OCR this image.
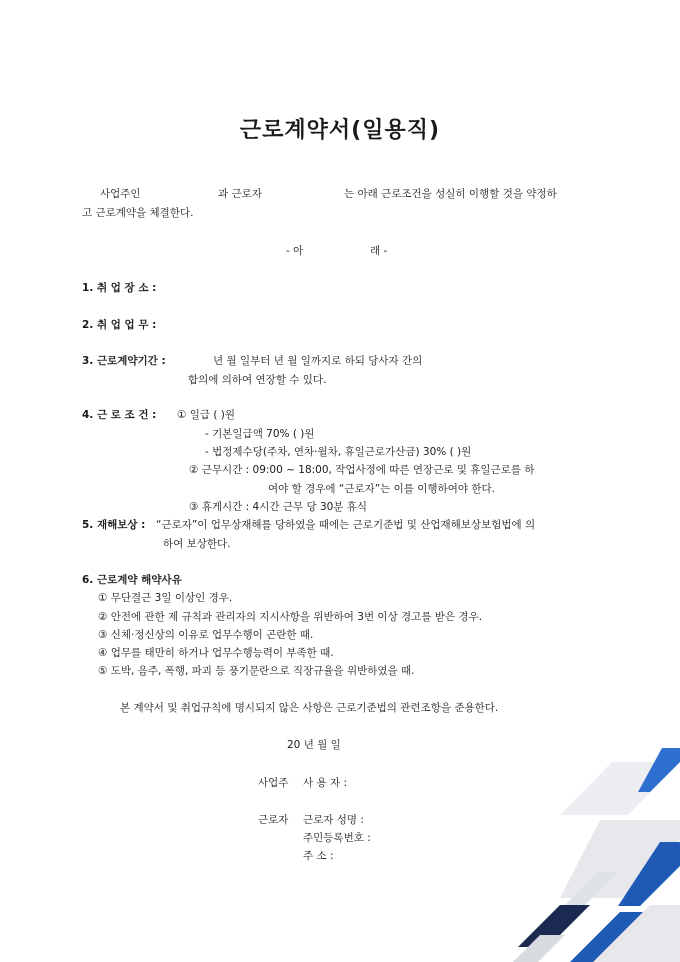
근로계약서(일용직)
사업주인	과 근로자	는 아래 근로조건을 성실히 이행할 것을 약정하
고 근로계약을 체결한다.
- 아	래 -
1. 취 업 장 소 :
2. 취 업 업 무 :
3. 근로계약기간 :	년 월 일부터 년 월 일까지로 하되 당사자 간의
합의에 의하여 연장할 수 있다.
4. 근 로 조 건 : ① 일급 ( )원
- 기본일급액 70% ( )원
- 법정제수당(주차, 연차·월차, 휴일근로가산금) 30% ( )원
② 근무시간 : 09:00 ~ 18:00, 작업사정에 따른 연장근로 및 휴일근로를 하
여야 할 경우에 “근로자”는 이를 이행하여야 한다.
③ 휴게시간 : 4시간 근무 당 30분 휴식
5. 재해보상 : “근로자”이 업무상재해를 당하였을 때에는 근로기준법 및 산업재해보상보험법에 의
하여 보상한다.
6. 근로계약 해약사유
① 무단결근 3일 이상인 경우.
② 안전에 관한 제 규칙과 관리자의 지시사항을 위반하여 3번 이상 경고를 받은 경우.
③ 신체·정신상의 이유로 업무수행이 곤란한 때.
④ 업무를 태만히 하거나 업무수행능력이 부족한 때.
⑤ 도박, 음주, 폭행, 파괴 등 풍기문란으로 직장규율을 위반하였을 때.
본 계약서 및 취업규칙에 명시되지 않은 사항은 근로기준법의 관련조항을 준용한다.
20 년 월 일
사업주 사 용 자 :
근로자 근로자 성명 :
주민등록번호 :
주 소 :
